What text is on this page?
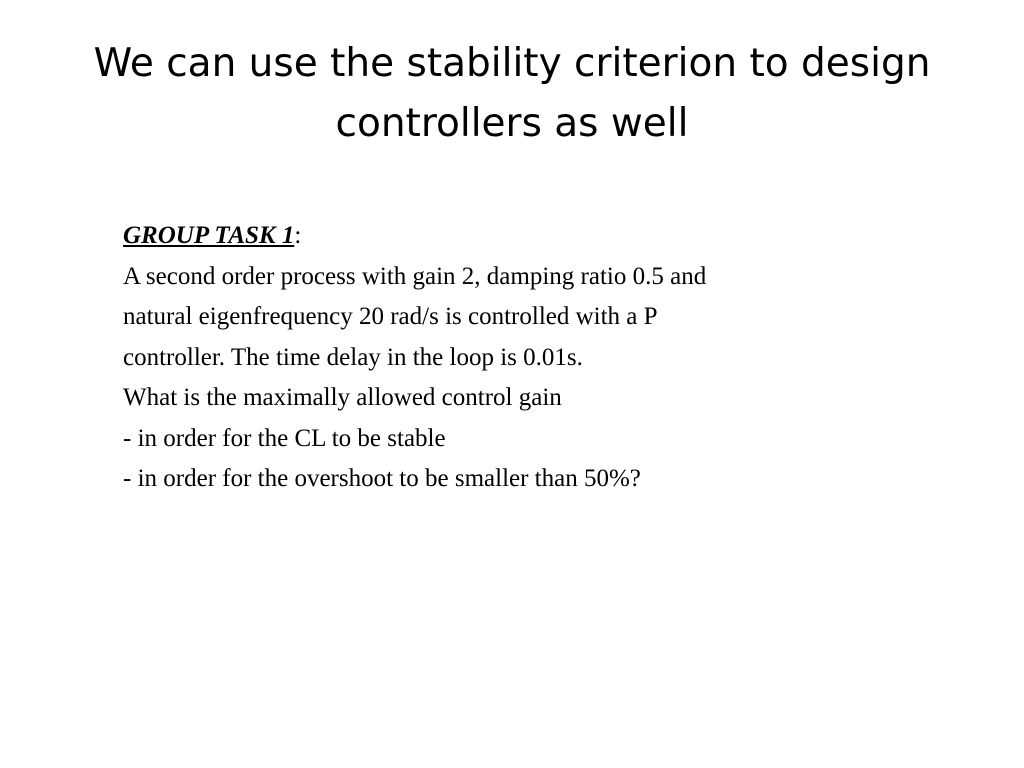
We can use the stability criterion to design controllers as well

GROUP TASK 1:

A second order process with gain 2, damping ratio 0.5 and

natural eigenfrequency 20 rad/s is controlled with a P

controller. The time delay in the loop is 0.01s.

What is the maximally allowed control gain

- in order for the CL to be stable

- in order for the overshoot to be smaller than 50%?
